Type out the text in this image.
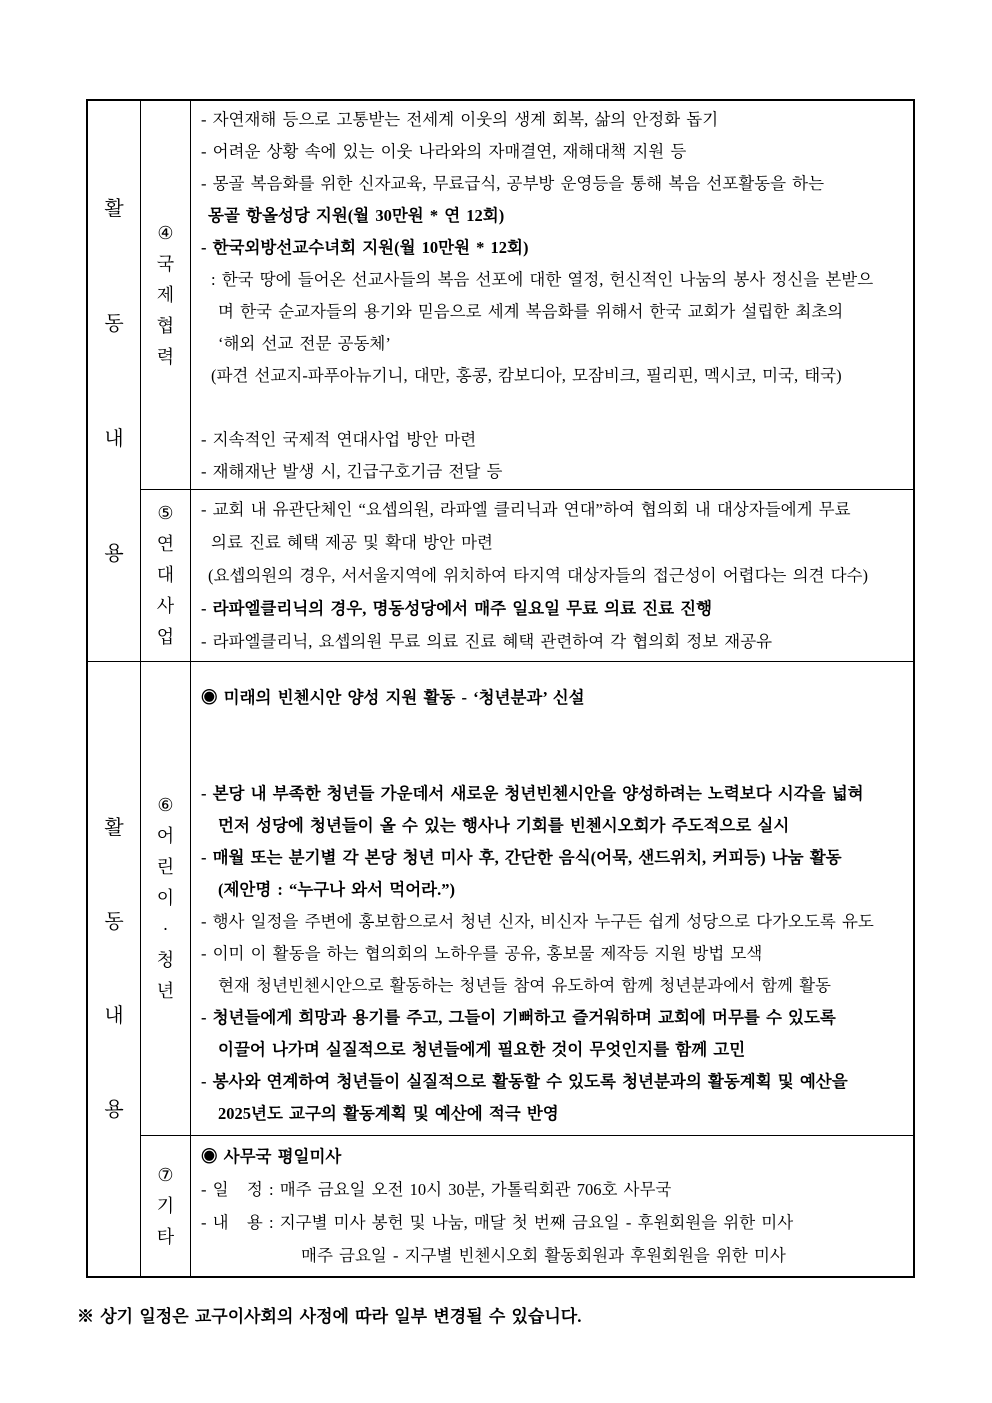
활
동
내
용
④
국
제
협
력
- 자연재해 등으로 고통받는 전세계 이웃의 생계 회복, 삶의 안정화 돕기
- 어려운 상황 속에 있는 이웃 나라와의 자매결연, 재해대책 지원 등
- 몽골 복음화를 위한 신자교육, 무료급식, 공부방 운영등을 통해 복음 선포활동을 하는
몽골 항올성당 지원(월 30만원 * 연 12회)
- 한국외방선교수녀회 지원(월 10만원 * 12회)
: 한국 땅에 들어온 선교사들의 복음 선포에 대한 열정, 헌신적인 나눔의 봉사 정신을 본받으
며 한국 순교자들의 용기와 믿음으로 세계 복음화를 위해서 한국 교회가 설립한 최초의
‘해외 선교 전문 공동체’
(파견 선교지-파푸아뉴기니, 대만, 홍콩, 캄보디아, 모잠비크, 필리핀, 멕시코, 미국, 태국)

- 지속적인 국제적 연대사업 방안 마련
- 재해재난 발생 시, 긴급구호기금 전달 등
⑤
연
대
사
업
- 교회 내 유관단체인 “요셉의원, 라파엘 클리닉과 연대”하여 협의회 내 대상자들에게 무료
의료 진료 혜택 제공 및 확대 방안 마련
(요셉의원의 경우, 서서울지역에 위치하여 타지역 대상자들의 접근성이 어렵다는 의견 다수)
- 라파엘클리닉의 경우, 명동성당에서 매주 일요일 무료 의료 진료 진행
- 라파엘클리닉, 요셉의원 무료 의료 진료 혜택 관련하여 각 협의회 정보 재공유
활
동
내
용
⑥
어
린
이
·
청
년
◉ 미래의 빈첸시안 양성 지원 활동 - ‘청년분과’ 신설

- 본당 내 부족한 청년들 가운데서 새로운 청년빈첸시안을 양성하려는 노력보다 시각을 넓혀
먼저 성당에 청년들이 올 수 있는 행사나 기회를 빈첸시오회가 주도적으로 실시
- 매월 또는 분기별 각 본당 청년 미사 후, 간단한 음식(어묵, 샌드위치, 커피등) 나눔 활동
(제안명 : “누구나 와서 먹어라.”)
- 행사 일정을 주변에 홍보함으로서 청년 신자, 비신자 누구든 쉽게 성당으로 다가오도록 유도
- 이미 이 활동을 하는 협의회의 노하우를 공유, 홍보물 제작등 지원 방법 모색
현재 청년빈첸시안으로 활동하는 청년들 참여 유도하여 함께 청년분과에서 함께 활동
- 청년들에게 희망과 용기를 주고, 그들이 기뻐하고 즐거워하며 교회에 머무를 수 있도록
이끌어 나가며 실질적으로 청년들에게 필요한 것이 무엇인지를 함께 고민
- 봉사와 연계하여 청년들이 실질적으로 활동할 수 있도록 청년분과의 활동계획 및 예산을
2025년도 교구의 활동계획 및 예산에 적극 반영
⑦
기
타
◉ 사무국 평일미사
- 일   정 : 매주 금요일 오전 10시 30분, 가톨릭회관 706호 사무국
- 내   용 : 지구별 미사 봉헌 및 나눔, 매달 첫 번째 금요일 - 후원회원을 위한 미사
매주 금요일 - 지구별 빈첸시오회 활동회원과 후원회원을 위한 미사
※ 상기 일정은 교구이사회의 사정에 따라 일부 변경될 수 있습니다.
